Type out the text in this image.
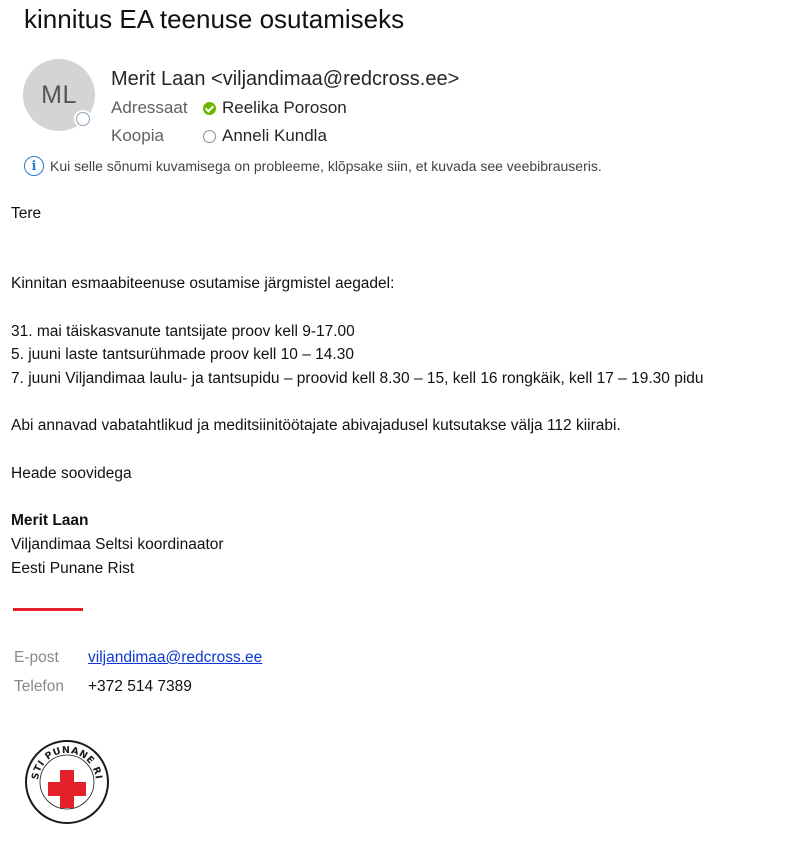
kinnitus EA teenuse osutamiseks
ML
Merit Laan <viljandimaa@redcross.ee>
Adressaat	Reelika Poroson
Koopia	Anneli Kundla
i Kui selle sõnumi kuvamisega on probleeme, klõpsake siin, et kuvada see veebibrauseris.
Tere
Kinnitan esmaabiteenuse osutamise järgmistel aegadel:
31. mai täiskasvanute tantsijate proov kell 9-17.00
5. juuni laste tantsurühmade proov kell 10 – 14.30
7. juuni Viljandimaa laulu- ja tantsupidu – proovid kell 8.30 – 15, kell 16 rongkäik, kell 17 – 19.30 pidu
Abi annavad vabatahtlikud ja meditsiinitöötajate abivajadusel kutsutakse välja 112 kiirabi.
Heade soovidega
Merit Laan
Viljandimaa Seltsi koordinaator
Eesti Punane Rist
E-post viljandimaa@redcross.ee
Telefon +372 514 7389
STI PUNANE RI
